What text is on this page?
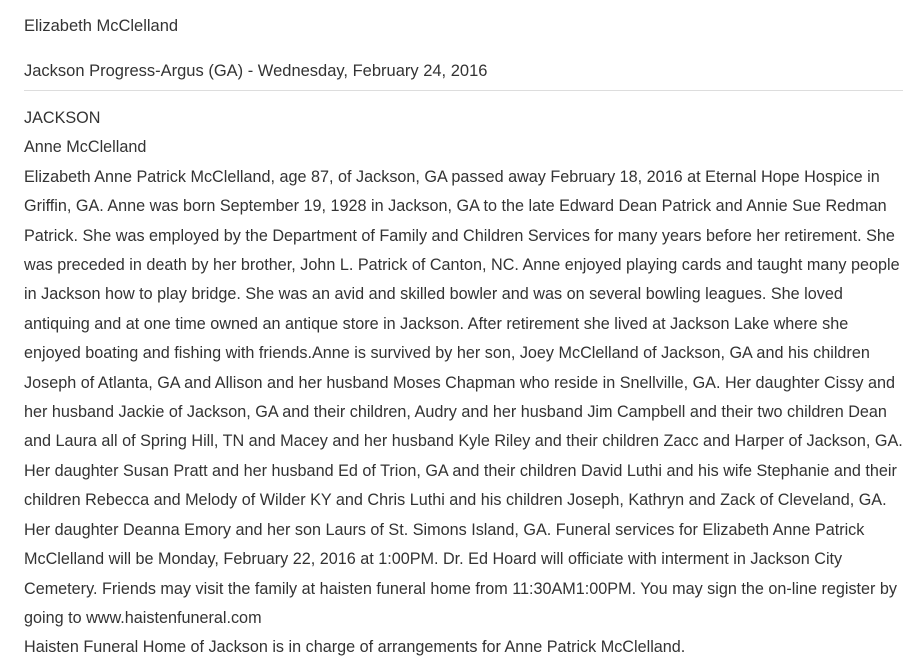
Elizabeth McClelland
Jackson Progress-Argus (GA) - Wednesday, February 24, 2016

JACKSON

Anne McClelland

Elizabeth Anne Patrick McClelland, age 87, of Jackson, GA passed away February 18, 2016 at Eternal Hope Hospice in Griffin, GA. Anne was born September 19, 1928 in Jackson, GA to the late Edward Dean Patrick and Annie Sue Redman Patrick. She was employed by the Department of Family and Children Services for many years before her retirement. She was preceded in death by her brother, John L. Patrick of Canton, NC. Anne enjoyed playing cards and taught many people in Jackson how to play bridge. She was an avid and skilled bowler and was on several bowling leagues. She loved antiquing and at one time owned an antique store in Jackson. After retirement she lived at Jackson Lake where she enjoyed boating and fishing with friends.Anne is survived by her son, Joey McClelland of Jackson, GA and his children Joseph of Atlanta, GA and Allison and her husband Moses Chapman who reside in Snellville, GA. Her daughter Cissy and her husband Jackie of Jackson, GA and their children, Audry and her husband Jim Campbell and their two children Dean and Laura all of Spring Hill, TN and Macey and her husband Kyle Riley and their children Zacc and Harper of Jackson, GA. Her daughter Susan Pratt and her husband Ed of Trion, GA and their children David Luthi and his wife Stephanie and their children Rebecca and Melody of Wilder KY and Chris Luthi and his children Joseph, Kathryn and Zack of Cleveland, GA. Her daughter Deanna Emory and her son Laurs of St. Simons Island, GA. Funeral services for Elizabeth Anne Patrick McClelland will be Monday, February 22, 2016 at 1:00PM. Dr. Ed Hoard will officiate with interment in Jackson City Cemetery. Friends may visit the family at haisten funeral home from 11:30AM1:00PM. You may sign the on-line register by going to www.haistenfuneral.com

Haisten Funeral Home of Jackson is in charge of arrangements for Anne Patrick McClelland.
